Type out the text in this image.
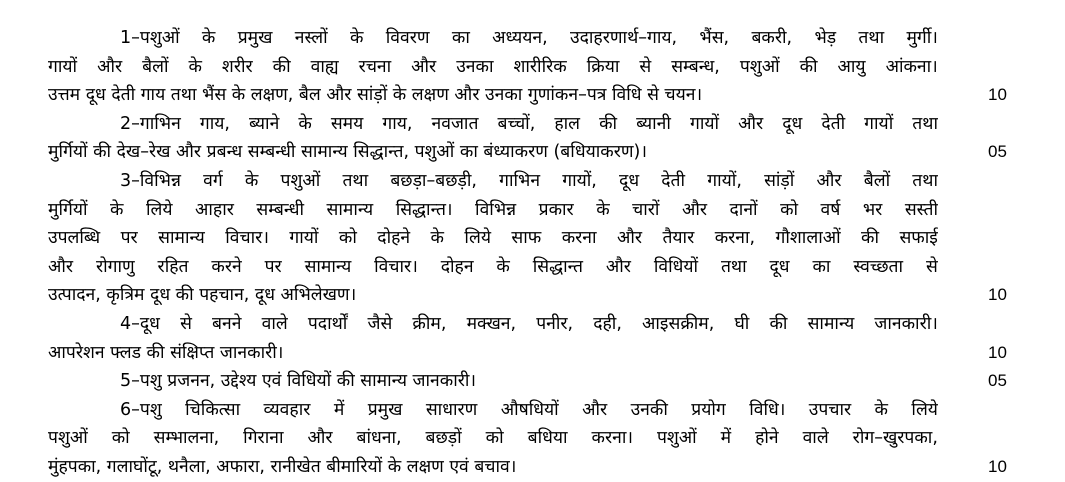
1–पशुओं के प्रमुख नस्लों के विवरण का अध्ययन, उदाहरणार्थ–गाय, भैंस, बकरी, भेड़ तथा मुर्गी।
गायों और बैलों के शरीर की वाह्य रचना और उनका शारीरिक क्रिया से सम्बन्ध, पशुओं की आयु आंकना।
उत्तम दूध देती गाय तथा भैंस के लक्षण, बैल और सांड़ों के लक्षण और उनका गुणांकन–पत्र विधि से चयन।	10
2–गाभिन गाय, ब्याने के समय गाय, नवजात बच्चों, हाल की ब्यानी गायों और दूध देती गायों तथा
मुर्गियों की देख–रेख और प्रबन्ध सम्बन्धी सामान्य सिद्धान्त, पशुओं का बंध्याकरण (बधियाकरण)।	05
3–विभिन्न वर्ग के पशुओं तथा बछड़ा–बछड़ी, गाभिन गायों, दूध देती गायों, सांड़ों और बैलों तथा
मुर्गियों के लिये आहार सम्बन्धी सामान्य सिद्धान्त। विभिन्न प्रकार के चारों और दानों को वर्ष भर सस्ती
उपलब्धि पर सामान्य विचार। गायों को दोहने के लिये साफ करना और तैयार करना, गौशालाओं की सफाई
और रोगाणु रहित करने पर सामान्य विचार। दोहन के सिद्धान्त और विधियों तथा दूध का स्वच्छता से
उत्पादन, कृत्रिम दूध की पहचान, दूध अभिलेखण।	10
4–दूध से बनने वाले पदार्थों जैसे क्रीम, मक्खन, पनीर, दही, आइसक्रीम, घी की सामान्य जानकारी।
आपरेशन फ्लड की संक्षिप्त जानकारी।	10
5–पशु प्रजनन, उद्देश्य एवं विधियों की सामान्य जानकारी।	05
6–पशु चिकित्सा व्यवहार में प्रमुख साधारण औषधियों और उनकी प्रयोग विधि। उपचार के लिये
पशुओं को सम्भालना, गिराना और बांधना, बछड़ों को बधिया करना। पशुओं में होने वाले रोग–खुरपका,
मुंहपका, गलाघोंटू, थनैला, अफारा, रानीखेत बीमारियों के लक्षण एवं बचाव।	10
